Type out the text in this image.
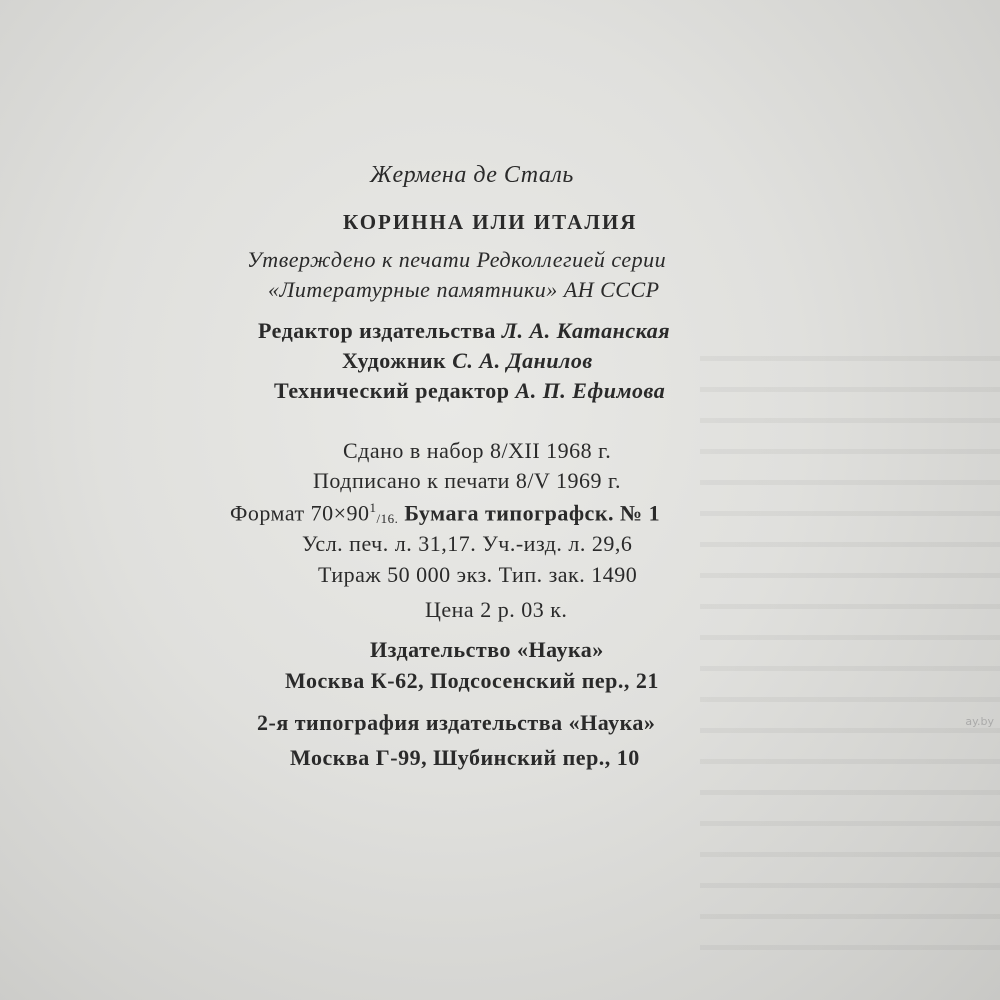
Жермена де Сталь
КОРИННА ИЛИ ИТАЛИЯ
Утверждено к печати Редколлегией серии
«Литературные памятники» АН СССР
Редактор издательства Л. А. Катанская
Художник С. А. Данилов
Технический редактор А. П. Ефимова
Сдано в набор 8/XII 1968 г.
Подписано к печати 8/V 1969 г.
Формат $70\times 90^1/16$. Бумага типографск. № 1
Усл. печ. л. 31,17. Уч.-изд. л. 29,6
Тираж 50 000 экз. Тип. зак. 1490
Цена 2 р. 03 к.
Издательство «Наука»
Москва К-62, Подсосенский пер., 21
2-я типография издательства «Наука»
Москва Г-99, Шубинский пер., 10
ay.by
